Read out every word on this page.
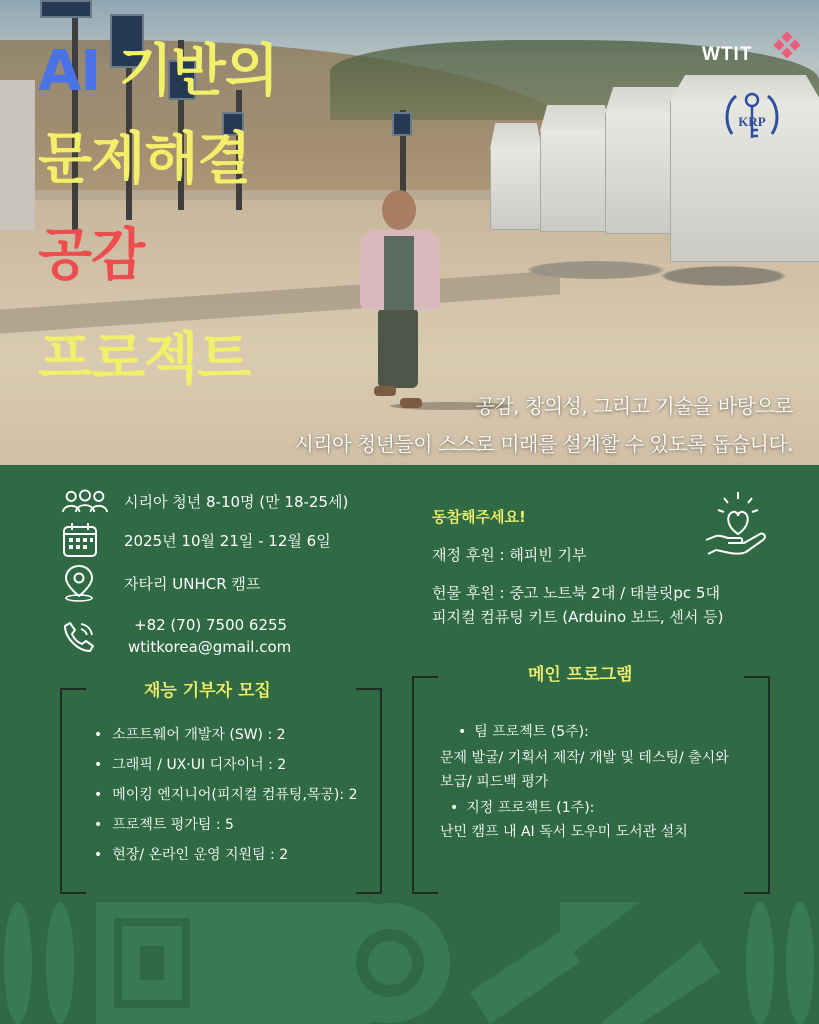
AI 기반의
문제해결
공감
프로젝트
공감, 창의성, 그리고 기술을 바탕으로
시리아 청년들이 스스로 미래를 설계할 수 있도록 돕습니다.
WTIT
KRP
시리아 청년 8-10명 (만 18-25세)
2025년 10월 21일 - 12월 6일
자타리 UNHCR 캠프
+82 (70) 7500 6255
wtitkorea@gmail.com
동참해주세요!
재정 후원 : 해피빈 기부
헌물 후원 : 중고 노트북 2대 / 태블릿pc 5대
피지컬 컴퓨팅 키트 (Arduino 보드, 센서 등)
재능 기부자 모집
• 소프트웨어 개발자 (SW) : 2
• 그래픽 / UX·UI 디자이너 : 2
• 메이킹 엔지니어(피지컬 컴퓨팅,목공): 2
• 프로젝트 평가팀 : 5
• 현장/ 온라인 운영 지원팀 : 2
메인 프로그램
• 팀 프로젝트 (5주):
문제 발굴/ 기획서 제작/ 개발 및 테스팅/ 출시와
보급/ 피드백 평가
• 지정 프로젝트 (1주):
난민 캠프 내 AI 독서 도우미 도서관 설치
